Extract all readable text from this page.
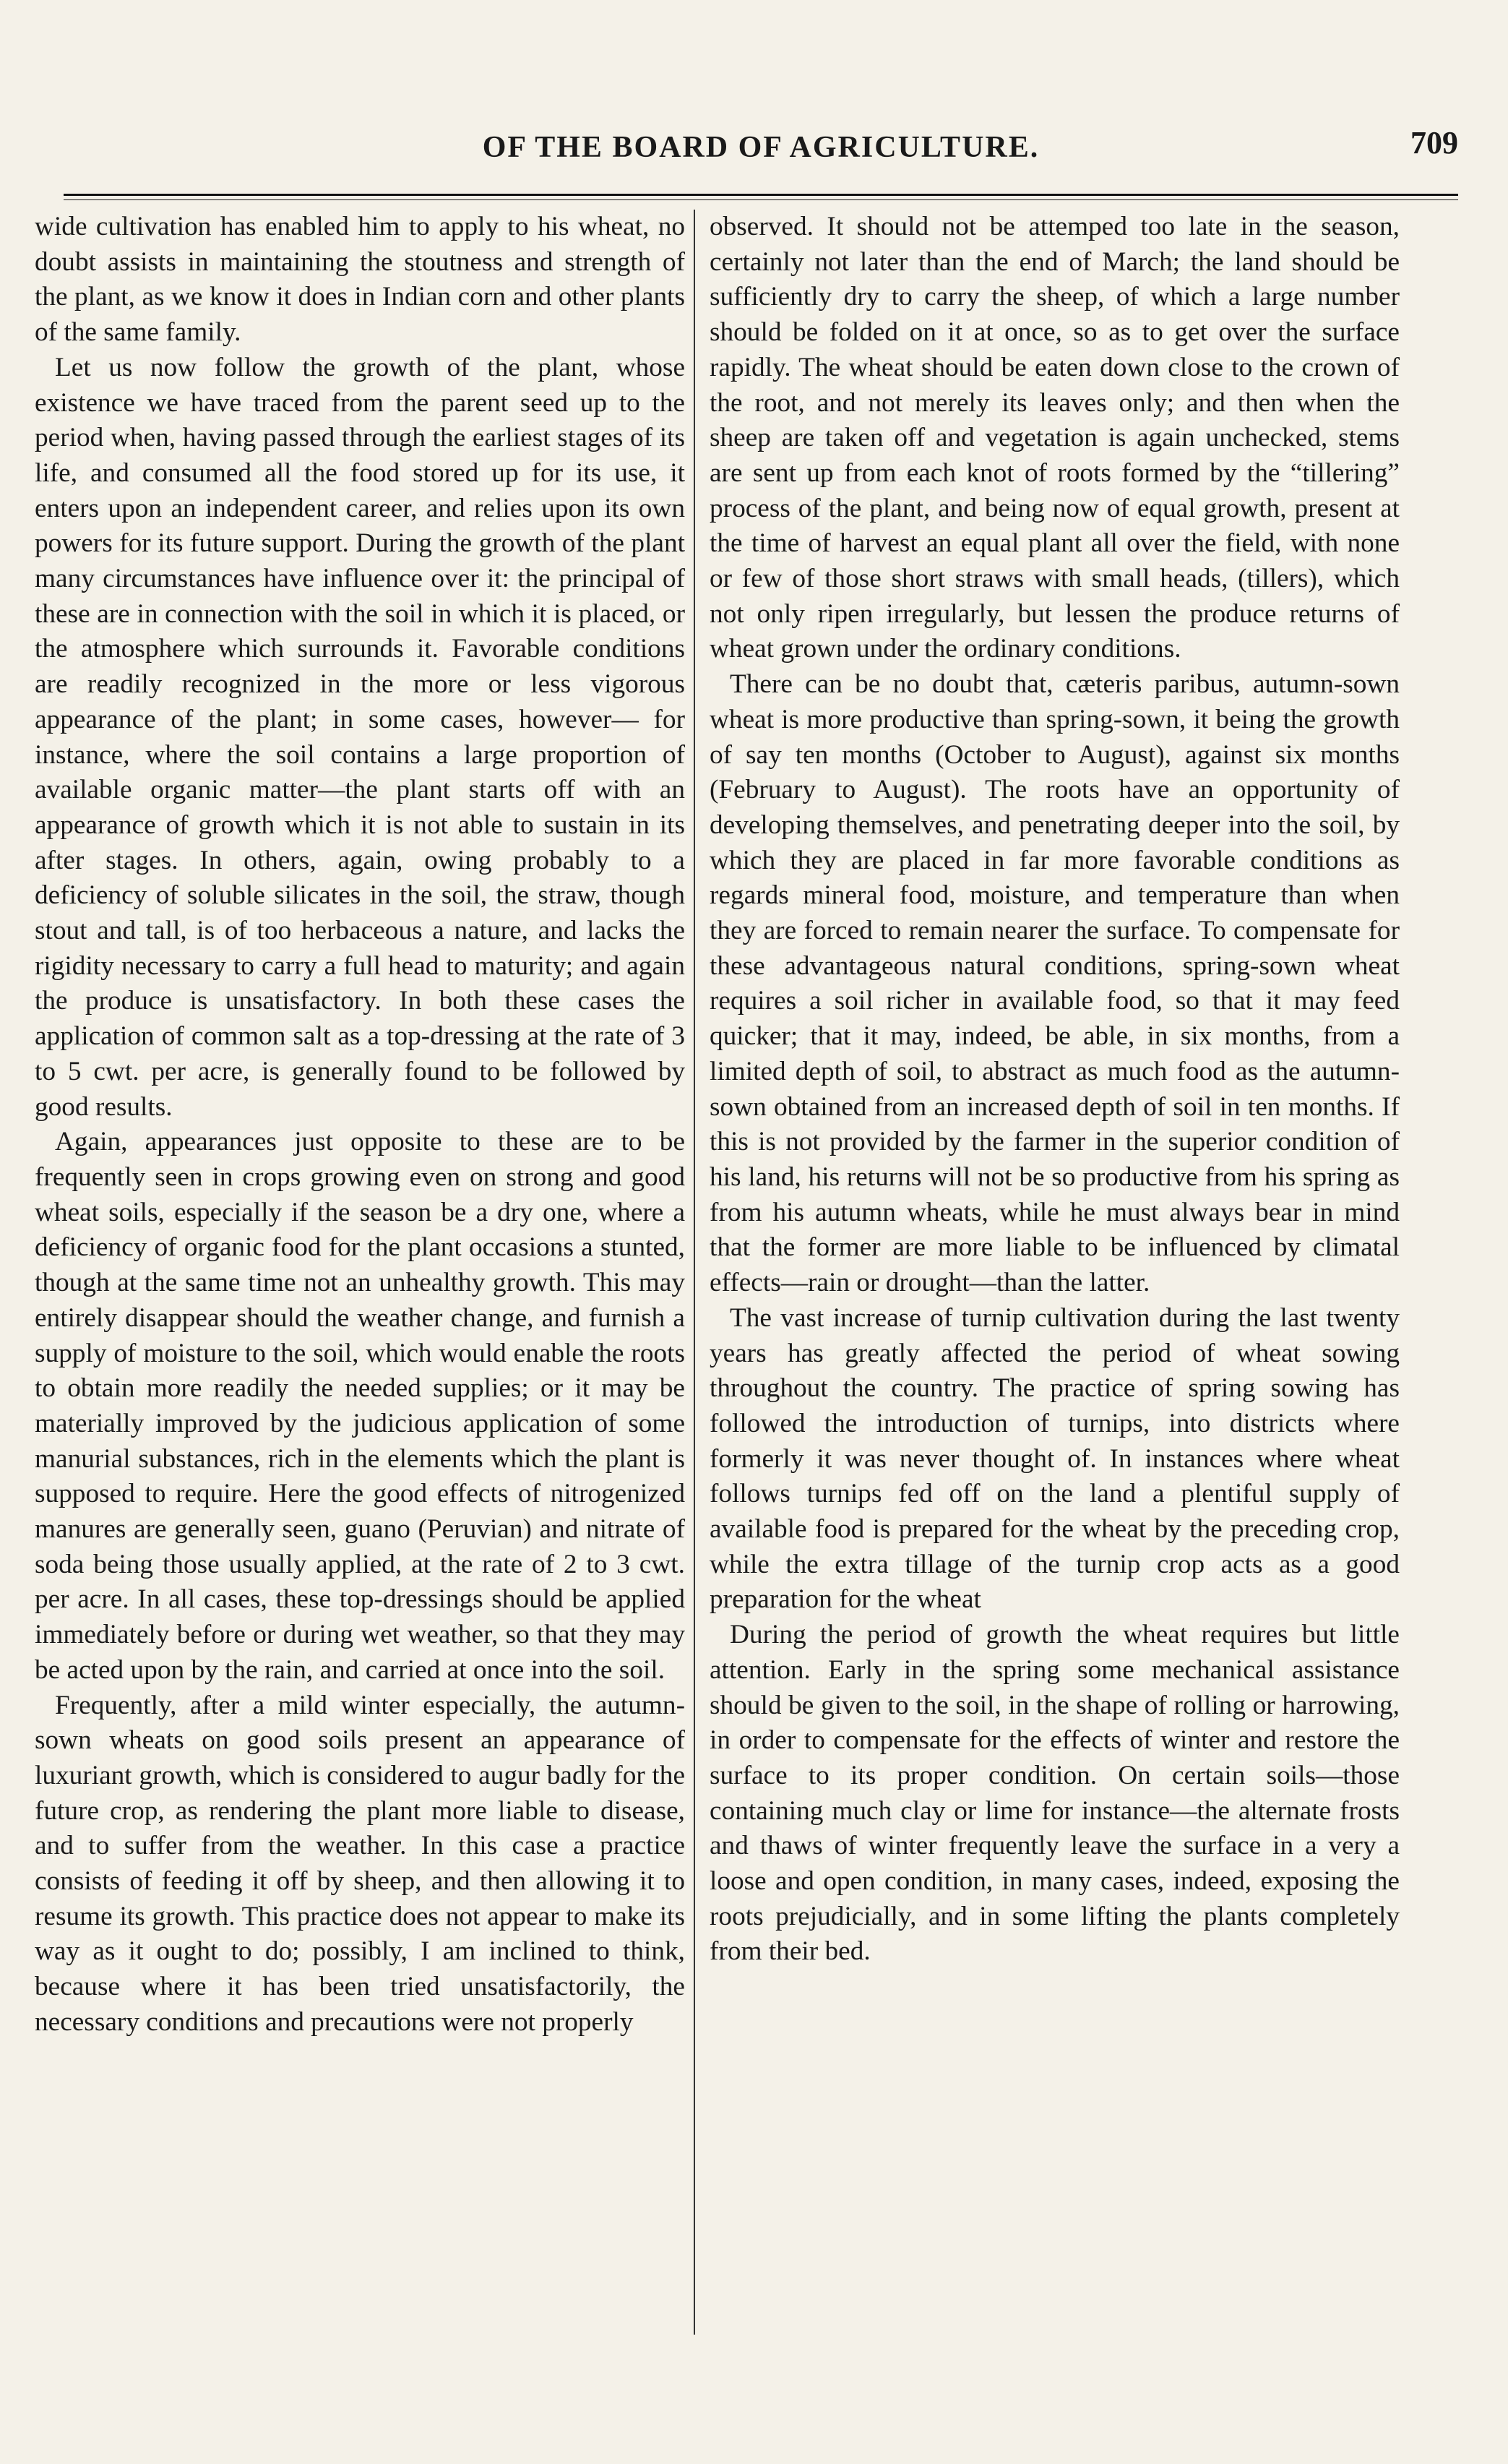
OF THE BOARD OF AGRICULTURE.	709

wide cultivation has enabled him to apply to his wheat, no doubt assists in maintaining the stoutness and strength of the plant, as we know it does in Indian corn and other plants of the same family.

Let us now follow the growth of the plant, whose existence we have traced from the parent seed up to the period when, having passed through the earliest stages of its life, and consumed all the food stored up for its use, it enters upon an independent career, and relies upon its own powers for its future support. During the growth of the plant many circumstances have influence over it: the principal of these are in connection with the soil in which it is placed, or the atmosphere which surrounds it. Favorable conditions are readily recognized in the more or less vigorous appearance of the plant; in some cases, however— for instance, where the soil contains a large proportion of available organic matter—the plant starts off with an appearance of growth which it is not able to sustain in its after stages. In others, again, owing probably to a deficiency of soluble silicates in the soil, the straw, though stout and tall, is of too herbaceous a nature, and lacks the rigidity necessary to carry a full head to maturity; and again the produce is unsatisfactory. In both these cases the application of common salt as a top-dressing at the rate of 3 to 5 cwt. per acre, is generally found to be followed by good results.

Again, appearances just opposite to these are to be frequently seen in crops growing even on strong and good wheat soils, especially if the season be a dry one, where a deficiency of organic food for the plant occasions a stunted, though at the same time not an unhealthy growth. This may entirely disappear should the weather change, and furnish a supply of moisture to the soil, which would enable the roots to obtain more readily the needed supplies; or it may be materially improved by the judicious application of some manurial substances, rich in the elements which the plant is supposed to require. Here the good effects of nitrogenized manures are generally seen, guano (Peruvian) and nitrate of soda being those usually applied, at the rate of 2 to 3 cwt. per acre. In all cases, these top-dressings should be applied immediately before or during wet weather, so that they may be acted upon by the rain, and carried at once into the soil.

Frequently, after a mild winter especially, the autumn-sown wheats on good soils present an appearance of luxuriant growth, which is considered to augur badly for the future crop, as rendering the plant more liable to disease, and to suffer from the weather. In this case a practice consists of feeding it off by sheep, and then allowing it to resume its growth. This practice does not appear to make its way as it ought to do; possibly, I am inclined to think, because where it has been tried unsatisfactorily, the necessary conditions and precautions were not properly

observed. It should not be attemped too late in the season, certainly not later than the end of March; the land should be sufficiently dry to carry the sheep, of which a large number should be folded on it at once, so as to get over the surface rapidly. The wheat should be eaten down close to the crown of the root, and not merely its leaves only; and then when the sheep are taken off and vegetation is again unchecked, stems are sent up from each knot of roots formed by the “tillering” process of the plant, and being now of equal growth, present at the time of harvest an equal plant all over the field, with none or few of those short straws with small heads, (tillers), which not only ripen irregularly, but lessen the produce returns of wheat grown under the ordinary conditions.

There can be no doubt that, cæteris paribus, autumn-sown wheat is more productive than spring-sown, it being the growth of say ten months (October to August), against six months (February to August). The roots have an opportunity of developing themselves, and penetrating deeper into the soil, by which they are placed in far more favorable conditions as regards mineral food, moisture, and temperature than when they are forced to remain nearer the surface. To compensate for these advantageous natural conditions, spring-sown wheat requires a soil richer in available food, so that it may feed quicker; that it may, indeed, be able, in six months, from a limited depth of soil, to abstract as much food as the autumn-sown obtained from an increased depth of soil in ten months. If this is not provided by the farmer in the superior condition of his land, his returns will not be so productive from his spring as from his autumn wheats, while he must always bear in mind that the former are more liable to be influenced by climatal effects—rain or drought—than the latter.

The vast increase of turnip cultivation during the last twenty years has greatly affected the period of wheat sowing throughout the country. The practice of spring sowing has followed the introduction of turnips, into districts where formerly it was never thought of. In instances where wheat follows turnips fed off on the land a plentiful supply of available food is prepared for the wheat by the preceding crop, while the extra tillage of the turnip crop acts as a good preparation for the wheat

During the period of growth the wheat requires but little attention. Early in the spring some mechanical assistance should be given to the soil, in the shape of rolling or harrowing, in order to compensate for the effects of winter and restore the surface to its proper condition. On certain soils—those containing much clay or lime for instance—the alternate frosts and thaws of winter frequently leave the surface in a very a loose and open condition, in many cases, indeed, exposing the roots prejudicially, and in some lifting the plants completely from their bed.
